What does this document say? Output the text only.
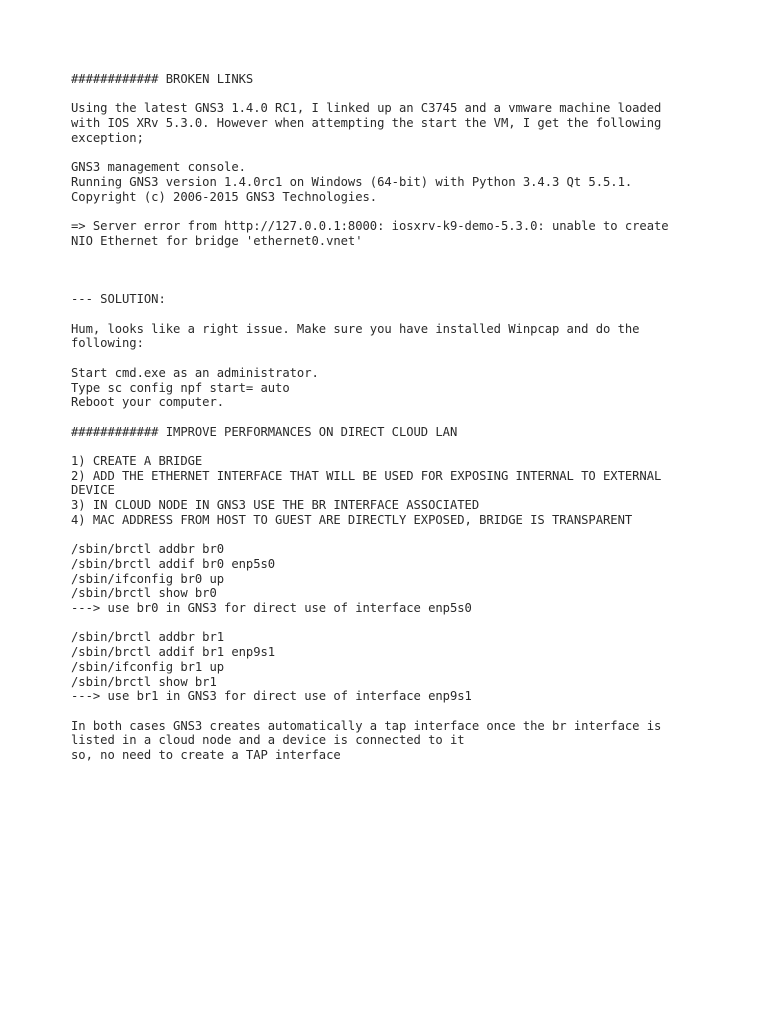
############ BROKEN LINKS
Using the latest GNS3 1.4.0 RC1, I linked up an C3745 and a vmware machine loaded
with IOS XRv 5.3.0. However when attempting the start the VM, I get the following
exception;
GNS3 management console.
Running GNS3 version 1.4.0rc1 on Windows (64-bit) with Python 3.4.3 Qt 5.5.1.
Copyright (c) 2006-2015 GNS3 Technologies.
=> Server error from http://127.0.0.1:8000: iosxrv-k9-demo-5.3.0: unable to create
NIO Ethernet for bridge 'ethernet0.vnet'
--- SOLUTION:
Hum, looks like a right issue. Make sure you have installed Winpcap and do the
following:
Start cmd.exe as an administrator.
Type sc config npf start= auto
Reboot your computer.
############ IMPROVE PERFORMANCES ON DIRECT CLOUD LAN
1) CREATE A BRIDGE
2) ADD THE ETHERNET INTERFACE THAT WILL BE USED FOR EXPOSING INTERNAL TO EXTERNAL
DEVICE
3) IN CLOUD NODE IN GNS3 USE THE BR INTERFACE ASSOCIATED
4) MAC ADDRESS FROM HOST TO GUEST ARE DIRECTLY EXPOSED, BRIDGE IS TRANSPARENT
/sbin/brctl addbr br0
/sbin/brctl addif br0 enp5s0
/sbin/ifconfig br0 up
/sbin/brctl show br0
---> use br0 in GNS3 for direct use of interface enp5s0
/sbin/brctl addbr br1
/sbin/brctl addif br1 enp9s1
/sbin/ifconfig br1 up
/sbin/brctl show br1
---> use br1 in GNS3 for direct use of interface enp9s1
In both cases GNS3 creates automatically a tap interface once the br interface is
listed in a cloud node and a device is connected to it
so, no need to create a TAP interface
